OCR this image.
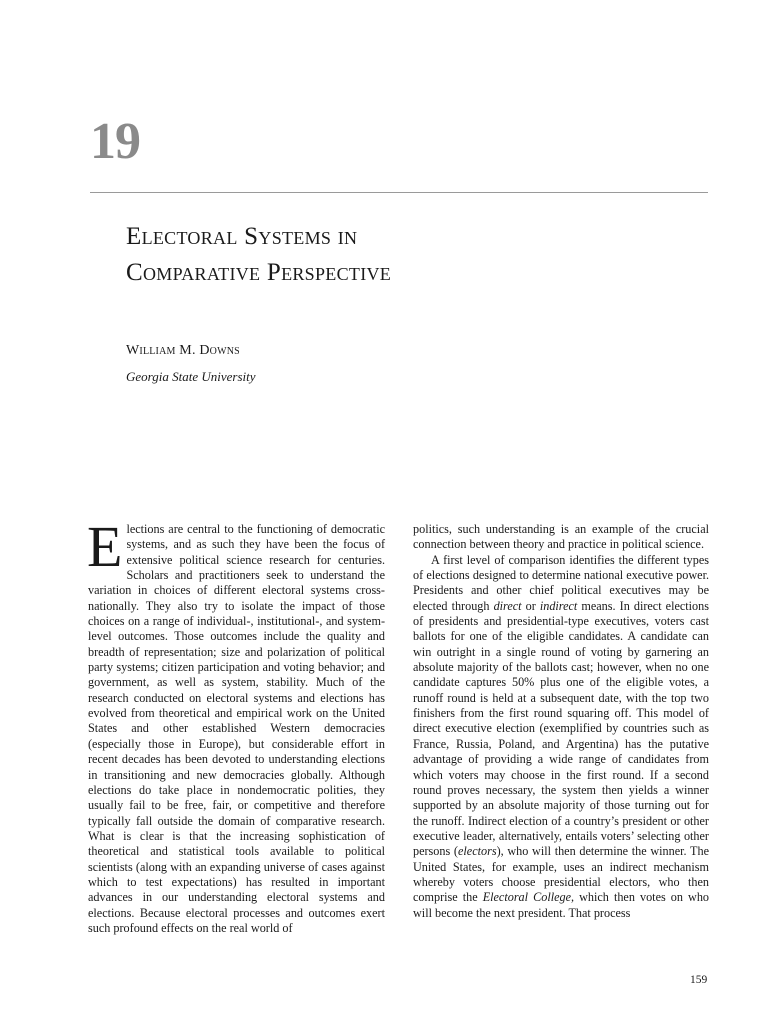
19
Electoral Systems in
Comparative Perspective
William M. Downs
Georgia State University

Elections are central to the functioning of democratic systems, and as such they have been the focus of extensive political science research for centuries. Scholars and practitioners seek to understand the variation in choices of different electoral systems cross-nationally. They also try to isolate the impact of those choices on a range of individual-, institutional-, and system-level outcomes. Those outcomes include the quality and breadth of representation; size and polarization of political party systems; citizen participation and voting behavior; and government, as well as system, stability. Much of the research conducted on electoral systems and elections has evolved from theoretical and empirical work on the United States and other established Western democracies (especially those in Europe), but considerable effort in recent decades has been devoted to understanding elections in transitioning and new democracies globally. Although elections do take place in nondemocratic polities, they usually fail to be free, fair, or competitive and therefore typically fall outside the domain of comparative research. What is clear is that the increasing sophistication of theoretical and statistical tools available to political scientists (along with an expanding universe of cases against which to test expectations) has resulted in important advances in our understanding electoral systems and elections. Because electoral processes and outcomes exert such profound effects on the real world of

politics, such understanding is an example of the crucial connection between theory and practice in political science.

A first level of comparison identifies the different types of elections designed to determine national executive power. Presidents and other chief political executives may be elected through direct or indirect means. In direct elections of presidents and presidential-type executives, voters cast ballots for one of the eligible candidates. A candidate can win outright in a single round of voting by garnering an absolute majority of the ballots cast; however, when no one candidate captures 50% plus one of the eligible votes, a runoff round is held at a subsequent date, with the top two finishers from the first round squaring off. This model of direct executive election (exemplified by countries such as France, Russia, Poland, and Argentina) has the putative advantage of providing a wide range of candidates from which voters may choose in the first round. If a second round proves necessary, the system then yields a winner supported by an absolute majority of those turning out for the runoff. Indirect election of a country’s president or other executive leader, alternatively, entails voters’ selecting other persons (electors), who will then determine the winner. The United States, for example, uses an indirect mechanism whereby voters choose presidential electors, who then comprise the Electoral College, which then votes on who will become the next president. That process

159
